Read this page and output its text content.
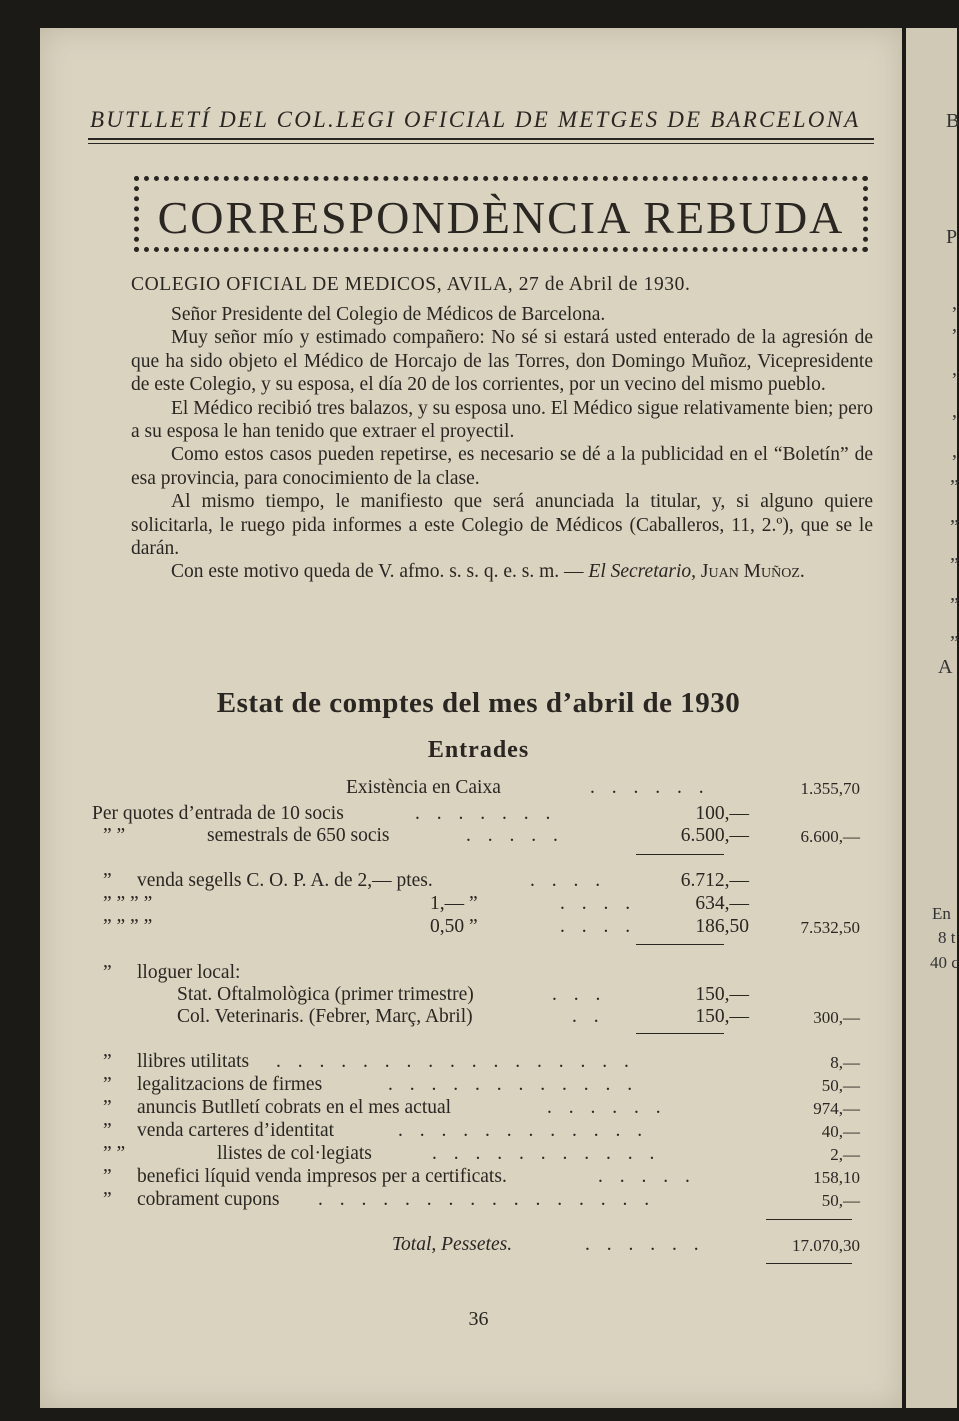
B
P
,
,
,
,
,
”
”
”
”
”
A
En
8 t
40 c
BUTLLETÍ DEL COL.LEGI OFICIAL DE METGES DE BARCELONA
CORRESPONDÈNCIA REBUDA
COLEGIO OFICIAL DE MEDICOS, AVILA, 27 de Abril de 1930.

Señor Presidente del Colegio de Médicos de Barcelona.

Muy señor mío y estimado compañero: No sé si estará usted enterado de la agresión de que ha sido objeto el Médico de Horcajo de las Torres, don Domingo Muñoz, Vicepresidente de este Colegio, y su esposa, el día 20 de los corrientes, por un vecino del mismo pueblo.

El Médico recibió tres balazos, y su esposa uno. El Médico sigue relativamente bien; pero a su esposa le han tenido que extraer el proyectil.

Como estos casos pueden repetirse, es necesario se dé a la publicidad en el “Boletín” de esa provincia, para conocimiento de la clase.

Al mismo tiempo, le manifiesto que será anunciada la titular, y, si alguno quiere solicitarla, le ruego pida informes a este Colegio de Médicos (Caballeros, 11, 2.º), que se le darán.

Con este motivo queda de V. afmo. s. s. q. e. s. m. — El Secretario, Juan Muñoz.

Estat de comptes del mes d’abril de 1930
Entrades
Existència en Caixa	. . . . . .	1.355,70
Per quotes d’entrada de 10 socis	. . . . . . .	100,—
” ”	semestrals de 650 socis	. . . . .	6.500,—	6.600,—
” venda segells C. O. P. A. de 2,— ptes.	. . . .	6.712,—
” ” ” ”	1,— ”	. . . .	634,—
” ” ” ”	0,50 ”	. . . .	186,50	7.532,50
” lloguer local:
Stat. Oftalmològica (primer trimestre)	. . .	150,—
Col. Veterinaris. (Febrer, Març, Abril)	. .	150,—	300,—
” llibres utilitats . . . . . . . . . . . . . . . . .	8,—
” legalitzacions de firmes	. . . . . . . . . . . .	50,—
” anuncis Butlletí cobrats en el mes actual	. . . . . .	974,—
” venda carteres d’identitat	. . . . . . . . . . . .	40,—
” ”	llistes de col·legiats	. . . . . . . . . . .	2,—
” benefici líquid venda impresos per a certificats.	. . . . .	158,10
” cobrament cupons . . . . . . . . . . . . . . . .	50,—
Total, Pessetes.	. . . . . .	17.070,30
36
